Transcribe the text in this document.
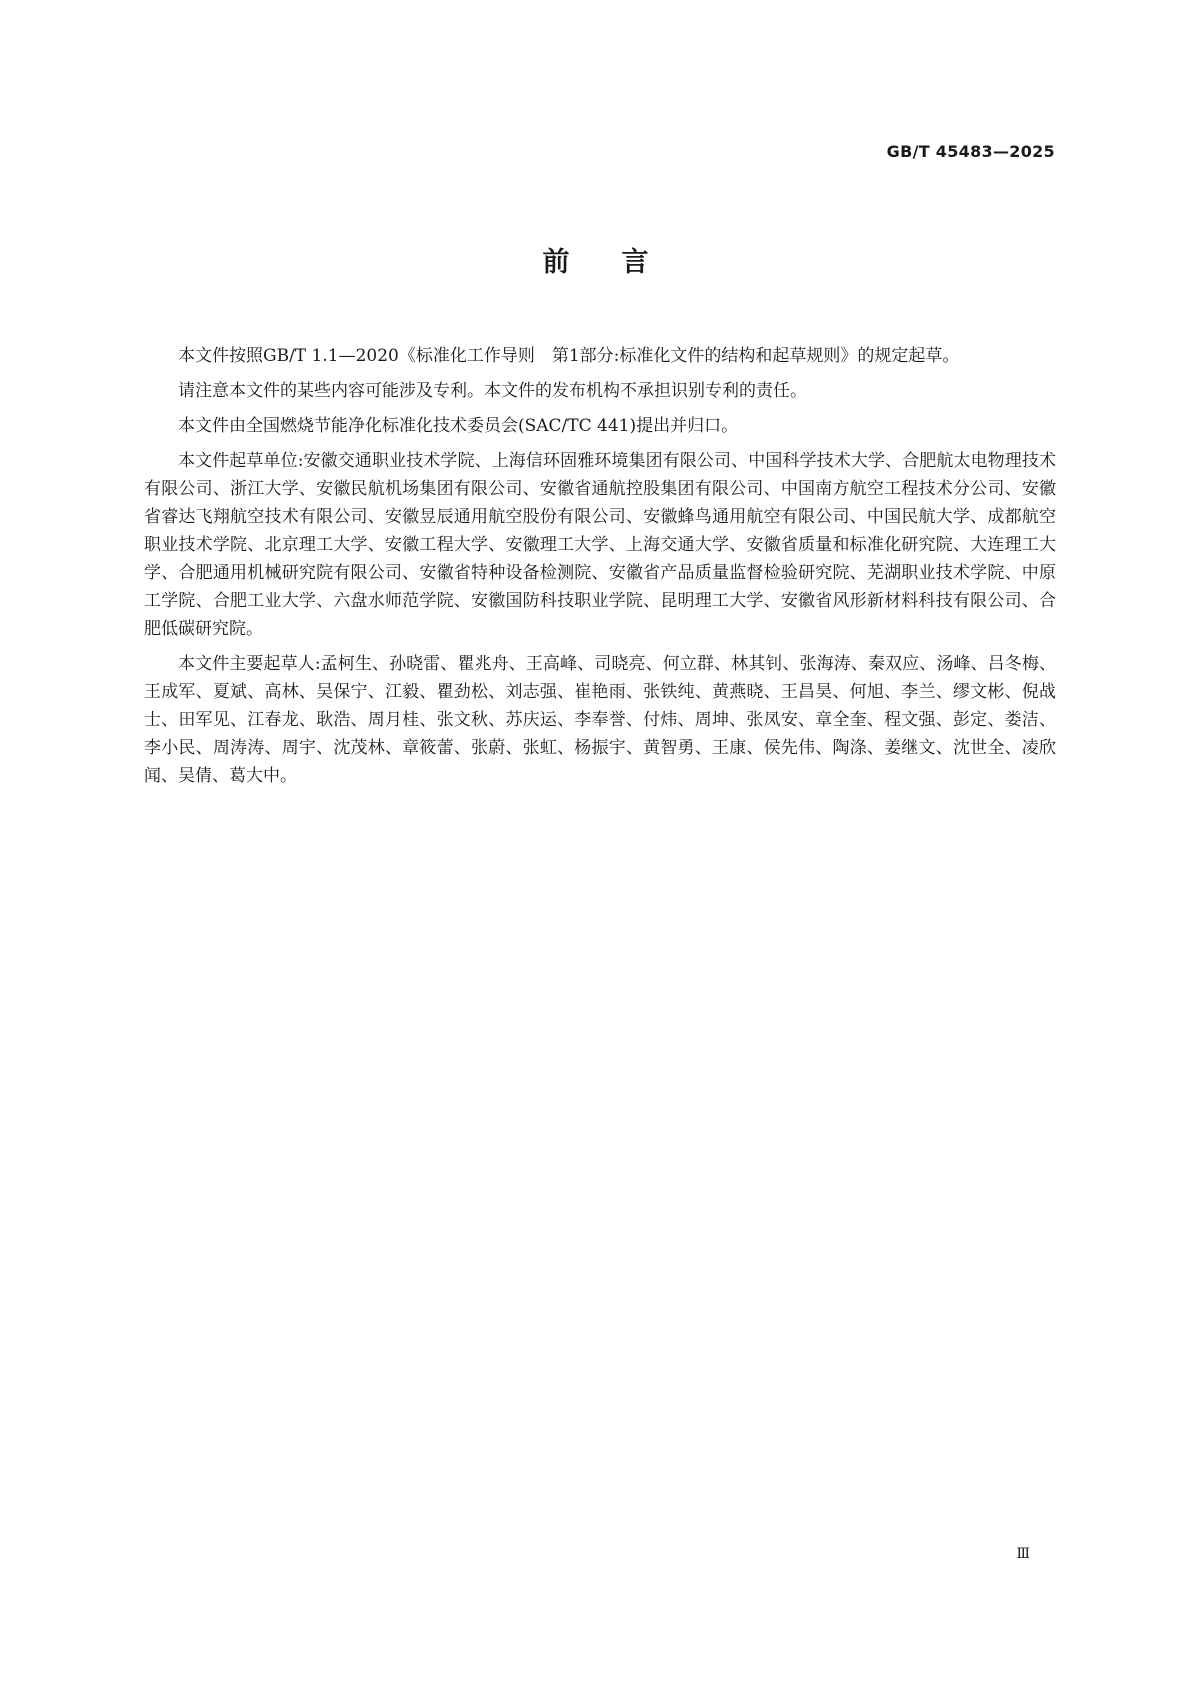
GB/T 45483—2025
前言

本文件按照GB/T 1.1—2020《标准化工作导则　第1部分:标准化文件的结构和起草规则》的规定起草。

请注意本文件的某些内容可能涉及专利。本文件的发布机构不承担识别专利的责任。

本文件由全国燃烧节能净化标准化技术委员会(SAC/TC 441)提出并归口。

本文件起草单位:安徽交通职业技术学院、上海信环固雅环境集团有限公司、中国科学技术大学、合肥航太电物理技术有限公司、浙江大学、安徽民航机场集团有限公司、安徽省通航控股集团有限公司、中国南方航空工程技术分公司、安徽省睿达飞翔航空技术有限公司、安徽昱辰通用航空股份有限公司、安徽蜂鸟通用航空有限公司、中国民航大学、成都航空职业技术学院、北京理工大学、安徽工程大学、安徽理工大学、上海交通大学、安徽省质量和标准化研究院、大连理工大学、合肥通用机械研究院有限公司、安徽省特种设备检测院、安徽省产品质量监督检验研究院、芜湖职业技术学院、中原工学院、合肥工业大学、六盘水师范学院、安徽国防科技职业学院、昆明理工大学、安徽省风形新材料科技有限公司、合肥低碳研究院。

本文件主要起草人:孟柯生、孙晓雷、瞿兆舟、王高峰、司晓亮、何立群、林其钊、张海涛、秦双应、汤峰、吕冬梅、王成军、夏斌、高林、吴保宁、江毅、瞿劲松、刘志强、崔艳雨、张铁纯、黄燕晓、王昌昊、何旭、李兰、缪文彬、倪战士、田军见、江春龙、耿浩、周月桂、张文秋、苏庆运、李奉誉、付炜、周坤、张凤安、章全奎、程文强、彭定、娄洁、李小民、周涛涛、周宇、沈茂林、章筱蕾、张蔚、张虹、杨振宇、黄智勇、王康、侯先伟、陶涤、姜继文、沈世全、凌欣闻、吴倩、葛大中。

Ⅲ
